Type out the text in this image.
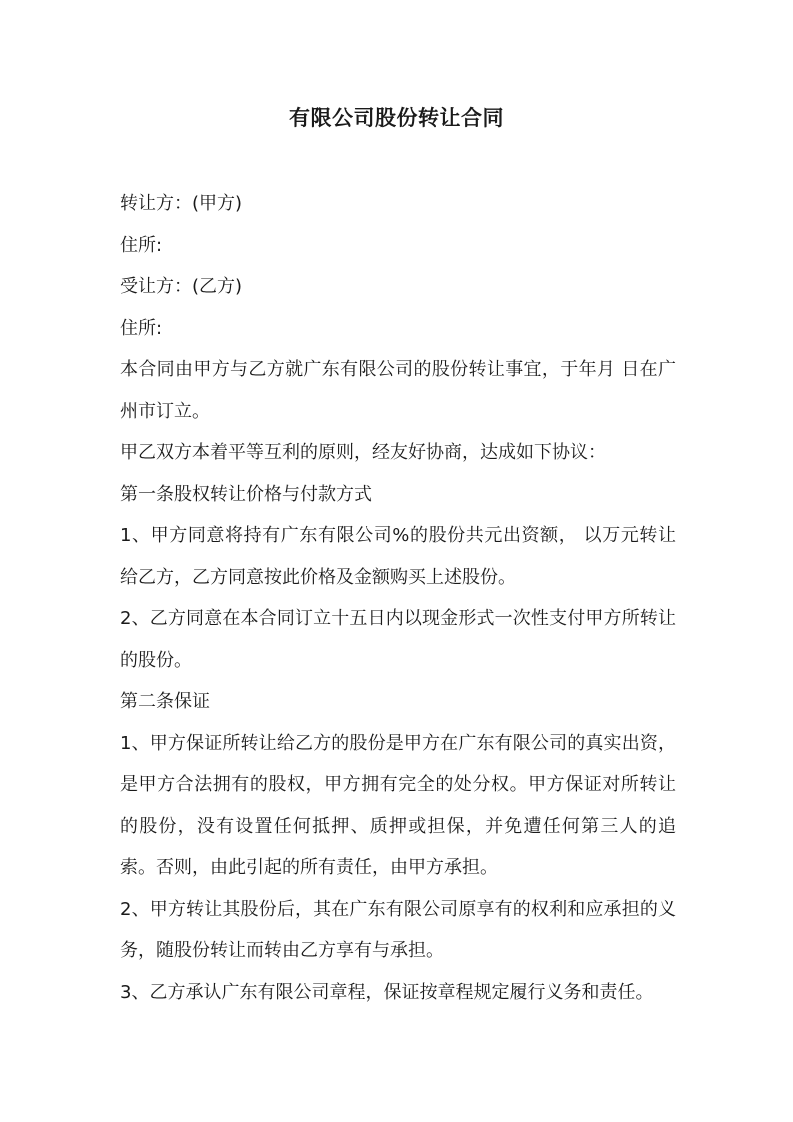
有限公司股份转让合同

转让方：(甲方)

住所:

受让方：(乙方)

住所:

本合同由甲方与乙方就广东有限公司的股份转让事宜，于年月 日在广州市订立。

甲乙双方本着平等互利的原则，经友好协商，达成如下协议：

第一条股权转让价格与付款方式

1、甲方同意将持有广东有限公司%的股份共元出资额， 以万元转让给乙方，乙方同意按此价格及金额购买上述股份。

2、乙方同意在本合同订立十五日内以现金形式一次性支付甲方所转让的股份。

第二条保证

1、甲方保证所转让给乙方的股份是甲方在广东有限公司的真实出资，是甲方合法拥有的股权，甲方拥有完全的处分权。甲方保证对所转让的股份，没有设置任何抵押、质押或担保，并免遭任何第三人的追索。否则，由此引起的所有责任，由甲方承担。

2、甲方转让其股份后，其在广东有限公司原享有的权利和应承担的义务，随股份转让而转由乙方享有与承担。

3、乙方承认广东有限公司章程，保证按章程规定履行义务和责任。
